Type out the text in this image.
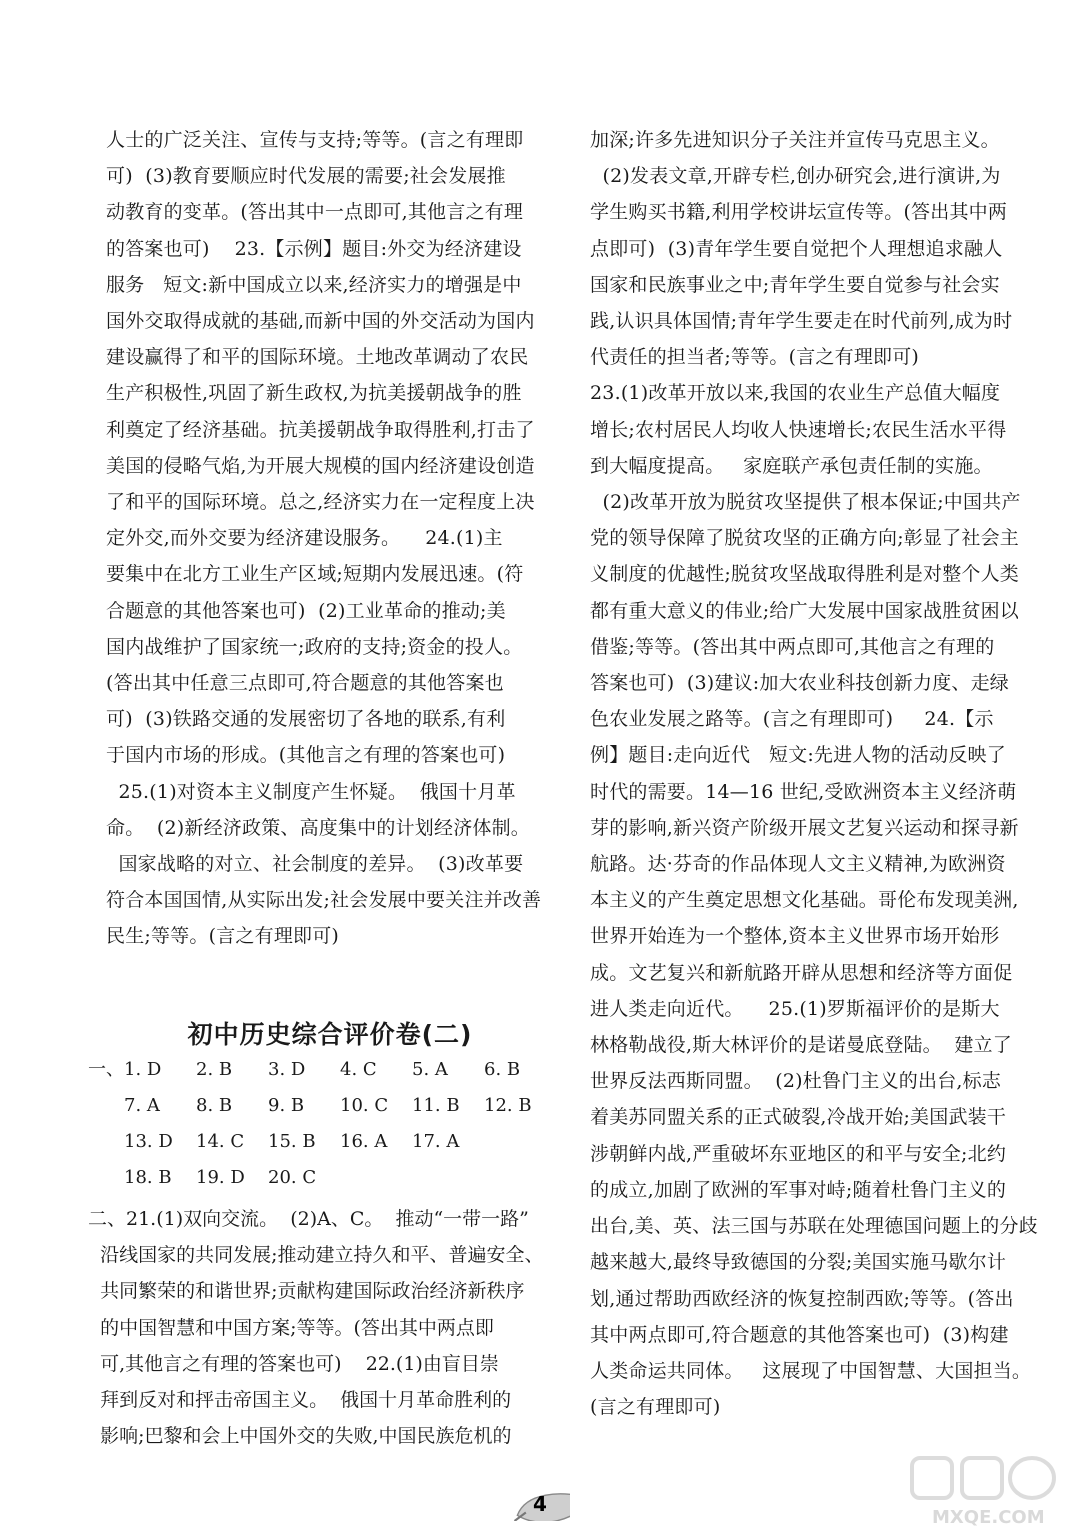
人士的广泛关注、宣传与支持;等等。(言之有理即
可)  (3)教育要顺应时代发展的需要;社会发展推
动教育的变革。(答出其中一点即可,其他言之有理
的答案也可)    23.【示例】题目:外交为经济建设
服务   短文:新中国成立以来,经济实力的增强是中
国外交取得成就的基础,而新中国的外交活动为国内
建设赢得了和平的国际环境。土地改革调动了农民
生产积极性,巩固了新生政权,为抗美援朝战争的胜
利奠定了经济基础。抗美援朝战争取得胜利,打击了
美国的侵略气焰,为开展大规模的国内经济建设创造
了和平的国际环境。总之,经济实力在一定程度上决
定外交,而外交要为经济建设服务。    24.(1)主
要集中在北方工业生产区域;短期内发展迅速。(符
合题意的其他答案也可)  (2)工业革命的推动;美
国内战维护了国家统一;政府的支持;资金的投人。
(答出其中任意三点即可,符合题意的其他答案也
可)  (3)铁路交通的发展密切了各地的联系,有利
于国内市场的形成。(其他言之有理的答案也可)
25.(1)对资本主义制度产生怀疑。  俄国十月革
命。  (2)新经济政策、高度集中的计划经济体制。
国家战略的对立、社会制度的差异。  (3)改革要
符合本国国情,从实际出发;社会发展中要关注并改善
民生;等等。(言之有理即可)
初中历史综合评价卷(二)
一、1. D 2. B 3. D 4. C 5. A 6. B
7. A 8. B 9. B 10. C 11. B 12. B
13. D 14. C 15. B 16. A 17. A
18. B 19. D 20. C
二、21.(1)双向交流。  (2)A、C。  推动“一带一路”
沿线国家的共同发展;推动建立持久和平、普遍安全、
共同繁荣的和谐世界;贡献构建国际政治经济新秩序
的中国智慧和中国方案;等等。(答出其中两点即
可,其他言之有理的答案也可)    22.(1)由盲目崇
拜到反对和抨击帝国主义。  俄国十月革命胜利的
影响;巴黎和会上中国外交的失败,中国民族危机的
加深;许多先进知识分子关注并宣传马克思主义。
(2)发表文章,开辟专栏,创办研究会,进行演讲,为
学生购买书籍,利用学校讲坛宣传等。(答出其中两
点即可)  (3)青年学生要自觉把个人理想追求融人
国家和民族事业之中;青年学生要自觉参与社会实
践,认识具体国情;青年学生要走在时代前列,成为时
代责任的担当者;等等。(言之有理即可)
23.(1)改革开放以来,我国的农业生产总值大幅度
增长;农村居民人均收人快速增长;农民生活水平得
到大幅度提高。   家庭联产承包责任制的实施。
(2)改革开放为脱贫攻坚提供了根本保证;中国共产
党的领导保障了脱贫攻坚的正确方向;彰显了社会主
义制度的优越性;脱贫攻坚战取得胜利是对整个人类
都有重大意义的伟业;给广大发展中国家战胜贫困以
借鉴;等等。(答出其中两点即可,其他言之有理的
答案也可)  (3)建议:加大农业科技创新力度、走绿
色农业发展之路等。(言之有理即可)     24.【示
例】题目:走向近代   短文:先进人物的活动反映了
时代的需要。14—16 世纪,受欧洲资本主义经济萌
芽的影响,新兴资产阶级开展文艺复兴运动和探寻新
航路。达·芬奇的作品体现人文主义精神,为欧洲资
本主义的产生奠定思想文化基础。哥伦布发现美洲,
世界开始连为一个整体,资本主义世界市场开始形
成。文艺复兴和新航路开辟从思想和经济等方面促
进人类走向近代。    25.(1)罗斯福评价的是斯大
林格勒战役,斯大林评价的是诺曼底登陆。  建立了
世界反法西斯同盟。  (2)杜鲁门主义的出台,标志
着美苏同盟关系的正式破裂,冷战开始;美国武装干
涉朝鲜内战,严重破坏东亚地区的和平与安全;北约
的成立,加剧了欧洲的军事对峙;随着杜鲁门主义的
出台,美、英、法三国与苏联在处理德国问题上的分歧
越来越大,最终导致德国的分裂;美国实施马歇尔计
划,通过帮助西欧经济的恢复控制西欧;等等。(答出
其中两点即可,符合题意的其他答案也可)  (3)构建
人类命运共同体。   这展现了中国智慧、大国担当。
(言之有理即可)
4
MXQE.COM
